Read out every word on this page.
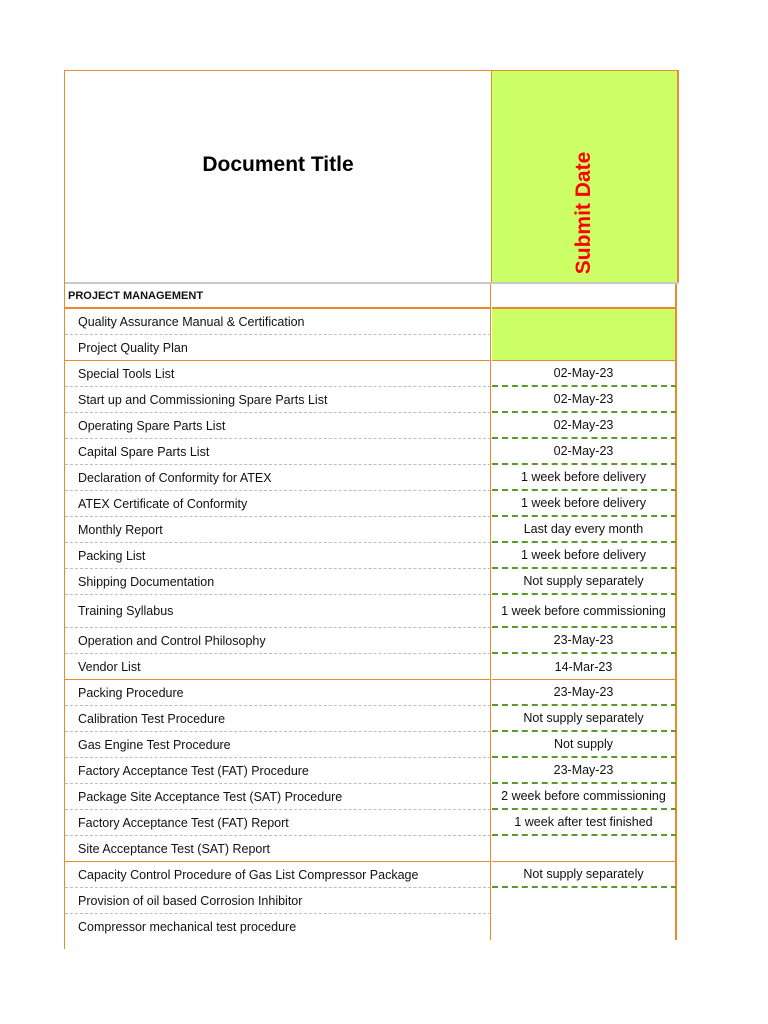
Document Title	Submit Date
PROJECT MANAGEMENT
Quality Assurance Manual & Certification
Project Quality Plan
Special Tools List	02-May-23
Start up and Commissioning Spare Parts List	02-May-23
Operating Spare Parts List	02-May-23
Capital Spare Parts List	02-May-23
Declaration of Conformity for ATEX	1 week before delivery
ATEX Certificate of Conformity	1 week before delivery
Monthly Report	Last day every month
Packing List	1 week before delivery
Shipping Documentation	Not supply separately
Training Syllabus	1 week before commissioning
Operation and Control Philosophy	23-May-23
Vendor List	14-Mar-23
Packing Procedure	23-May-23
Calibration Test Procedure	Not supply separately
Gas Engine Test Procedure	Not supply
Factory Acceptance Test (FAT) Procedure	23-May-23
Package Site Acceptance Test (SAT) Procedure	2 week before commissioning
Factory Acceptance Test (FAT) Report	1 week after test finished
Site Acceptance Test (SAT) Report
Capacity Control Procedure of Gas List Compressor Package	Not supply separately
Provision of oil based Corrosion Inhibitor
Compressor mechanical test procedure
